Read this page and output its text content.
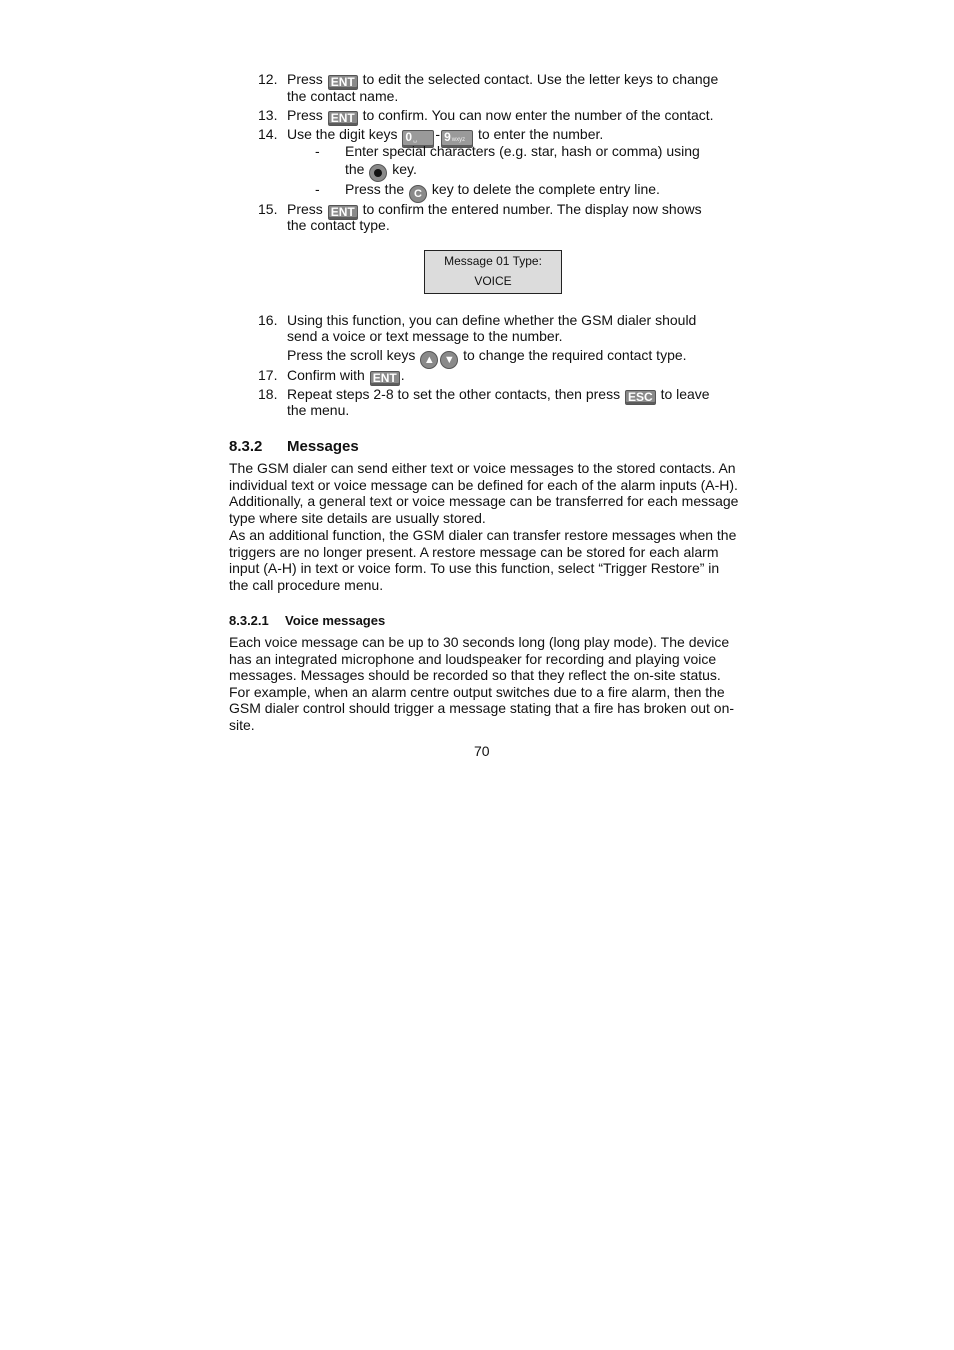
12. Press ENT to edit the selected contact. Use the letter keys to change
the contact name.
13. Press ENT to confirm. You can now enter the number of the contact.
14. Use the digit keys 0␣ - 9wxyz to enter the number.
- Enter special characters (e.g. star, hash or comma) using
the key.
- Press the C key to delete the complete entry line.
15. Press ENT to confirm the entered number. The display now shows
the contact type.
Message 01 Type:
VOICE
16. Using this function, you can define whether the GSM dialer should
send a voice or text message to the number.
Press the scroll keys ▲ ▼ to change the required contact type.
17. Confirm with ENT .
18. Repeat steps 2-8 to set the other contacts, then press ESC to leave
the menu.
8.3.2 Messages
The GSM dialer can send either text or voice messages to the stored contacts. An individual text or voice message can be defined for each of the alarm inputs (A-H). Additionally, a general text or voice message can be transferred for each message type where site details are usually stored.
As an additional function, the GSM dialer can transfer restore messages when the triggers are no longer present. A restore message can be stored for each alarm input (A-H) in text or voice form. To use this function, select “Trigger Restore” in the call procedure menu.
8.3.2.1 Voice messages
Each voice message can be up to 30 seconds long (long play mode). The device has an integrated microphone and loudspeaker for recording and playing voice messages. Messages should be recorded so that they reflect the on-site status. For example, when an alarm centre output switches due to a fire alarm, then the GSM dialer control should trigger a message stating that a fire has broken out on-site.
70
